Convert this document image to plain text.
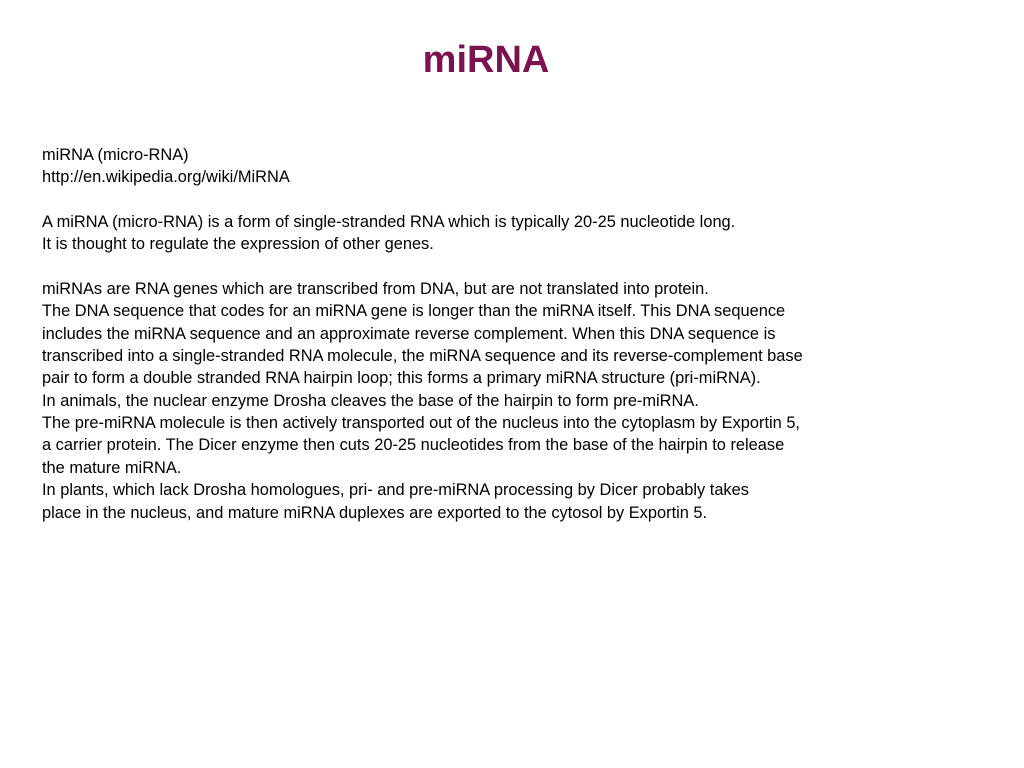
miRNA
miRNA (micro-RNA)
http://en.wikipedia.org/wiki/MiRNA
A miRNA (micro-RNA) is a form of single-stranded RNA which is typically 20-25 nucleotide long.
It is thought to regulate the expression of other genes.
miRNAs are RNA genes which are transcribed from DNA, but are not translated into protein.
The DNA sequence that codes for an miRNA gene is longer than the miRNA itself. This DNA sequence
includes the miRNA sequence and an approximate reverse complement. When this DNA sequence is
transcribed into a single-stranded RNA molecule, the miRNA sequence and its reverse-complement base
pair to form a double stranded RNA hairpin loop; this forms a primary miRNA structure (pri-miRNA).
In animals, the nuclear enzyme Drosha cleaves the base of the hairpin to form pre-miRNA.
The pre-miRNA molecule is then actively transported out of the nucleus into the cytoplasm by Exportin 5,
a carrier protein. The Dicer enzyme then cuts 20-25 nucleotides from the base of the hairpin to release
the mature miRNA.
In plants, which lack Drosha homologues, pri- and pre-miRNA processing by Dicer probably takes
place in the nucleus, and mature miRNA duplexes are exported to the cytosol by Exportin 5.
